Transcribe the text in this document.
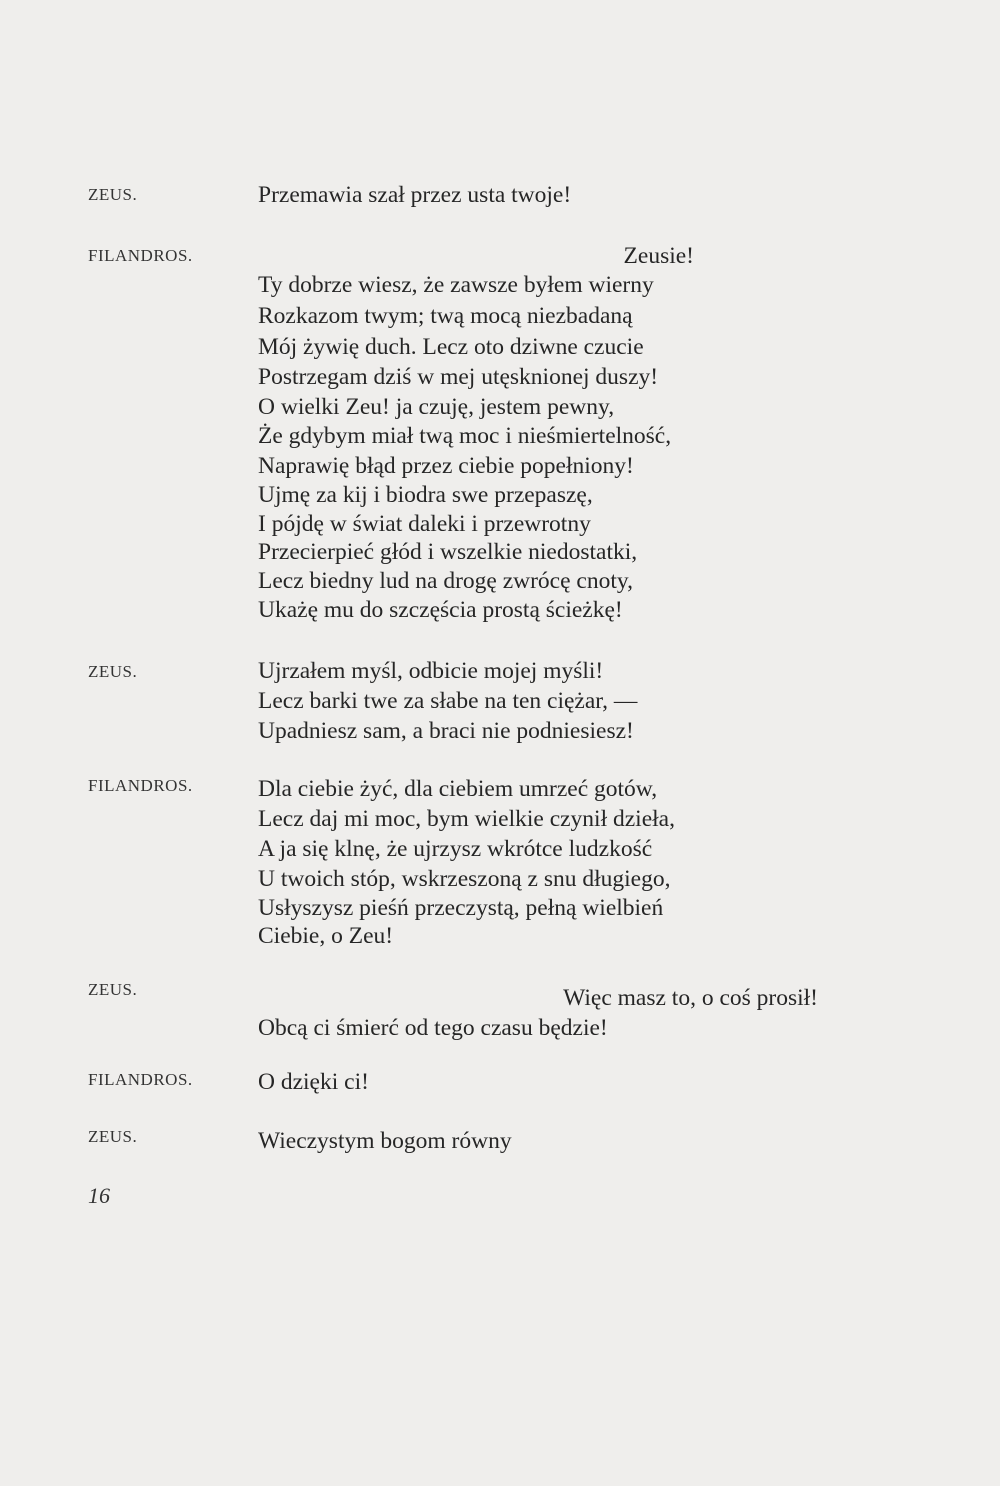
ZEUS.	Przemawia szał przez usta twoje!
FILANDROS.	Zeusie!
Ty dobrze wiesz, że zawsze byłem wierny
Rozkazom twym; twą mocą niezbadaną
Mój żywię duch. Lecz oto dziwne czucie
Postrzegam dziś w mej utęsknionej duszy!
O wielki Zeu! ja czuję, jestem pewny,
Że gdybym miał twą moc i nieśmiertelność,
Naprawię błąd przez ciebie popełniony!
Ujmę za kij i biodra swe przepaszę,
I pójdę w świat daleki i przewrotny
Przecierpieć głód i wszelkie niedostatki,
Lecz biedny lud na drogę zwrócę cnoty,
Ukażę mu do szczęścia prostą ścieżkę!
ZEUS.	Ujrzałem myśl, odbicie mojej myśli!
Lecz barki twe za słabe na ten ciężar, —
Upadniesz sam, a braci nie podniesiesz!
FILANDROS.	Dla ciebie żyć, dla ciebiem umrzeć gotów,
Lecz daj mi moc, bym wielkie czynił dzieła,
A ja się klnę, że ujrzysz wkrótce ludzkość
U twoich stóp, wskrzeszoną z snu długiego,
Usłyszysz pieśń przeczystą, pełną wielbień
Ciebie, o Zeu!
ZEUS.	Więc masz to, o coś prosił!
Obcą ci śmierć od tego czasu będzie!
FILANDROS.	O dzięki ci!
ZEUS.	Wieczystym bogom równy
16
